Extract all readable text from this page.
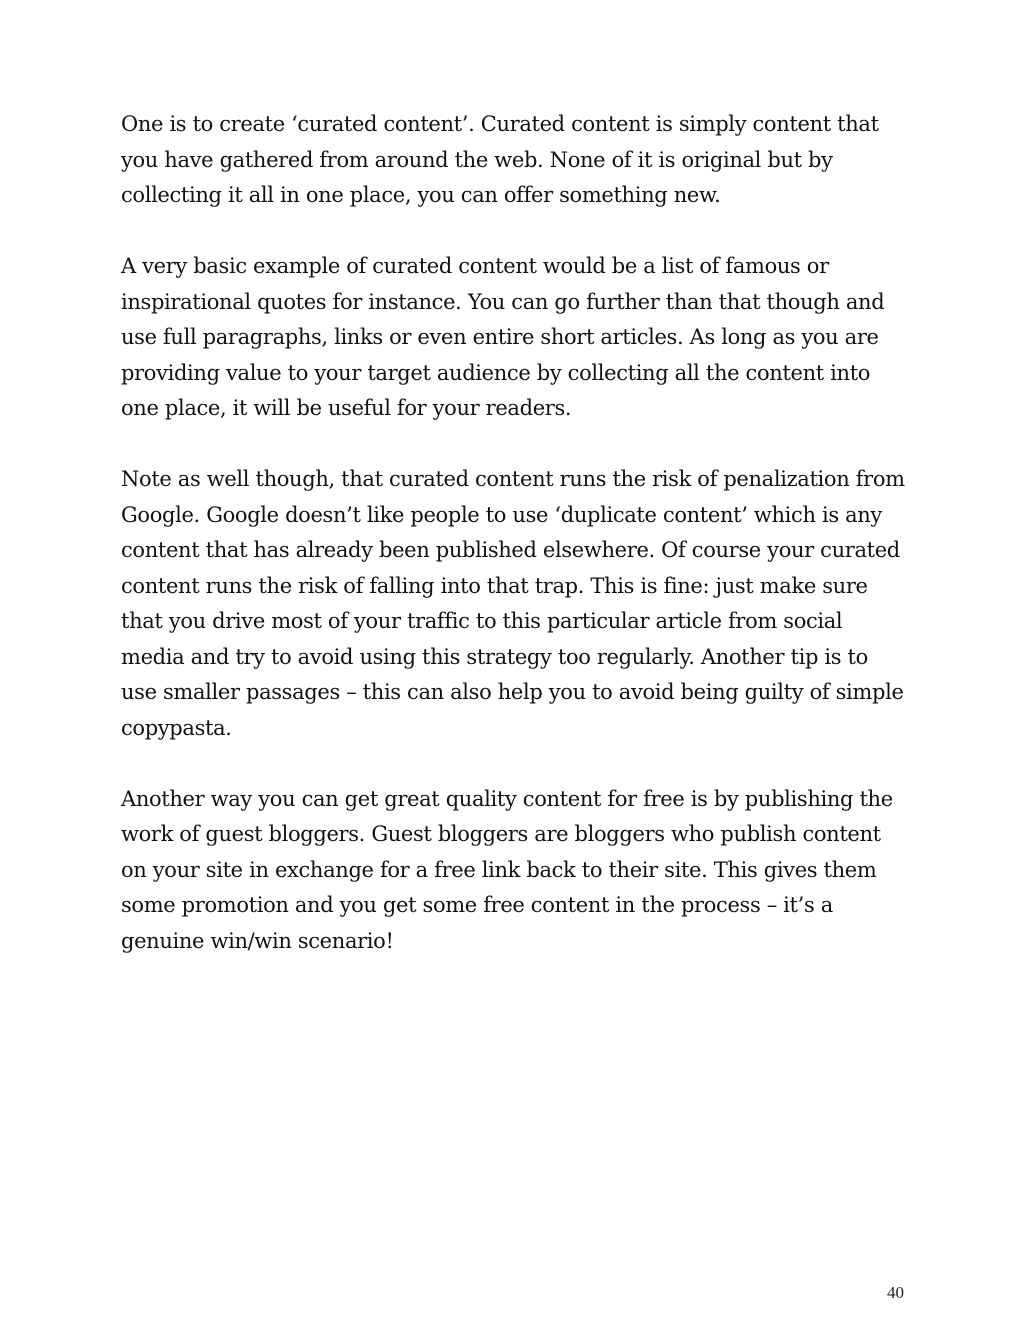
One is to create ‘curated content’. Curated content is simply content that
you have gathered from around the web. None of it is original but by
collecting it all in one place, you can offer something new.

A very basic example of curated content would be a list of famous or
inspirational quotes for instance. You can go further than that though and
use full paragraphs, links or even entire short articles. As long as you are
providing value to your target audience by collecting all the content into
one place, it will be useful for your readers.

Note as well though, that curated content runs the risk of penalization from
Google. Google doesn’t like people to use ‘duplicate content’ which is any
content that has already been published elsewhere. Of course your curated
content runs the risk of falling into that trap. This is fine: just make sure
that you drive most of your traffic to this particular article from social
media and try to avoid using this strategy too regularly. Another tip is to
use smaller passages – this can also help you to avoid being guilty of simple
copypasta.

Another way you can get great quality content for free is by publishing the
work of guest bloggers. Guest bloggers are bloggers who publish content
on your site in exchange for a free link back to their site. This gives them
some promotion and you get some free content in the process – it’s a
genuine win/win scenario!

40
